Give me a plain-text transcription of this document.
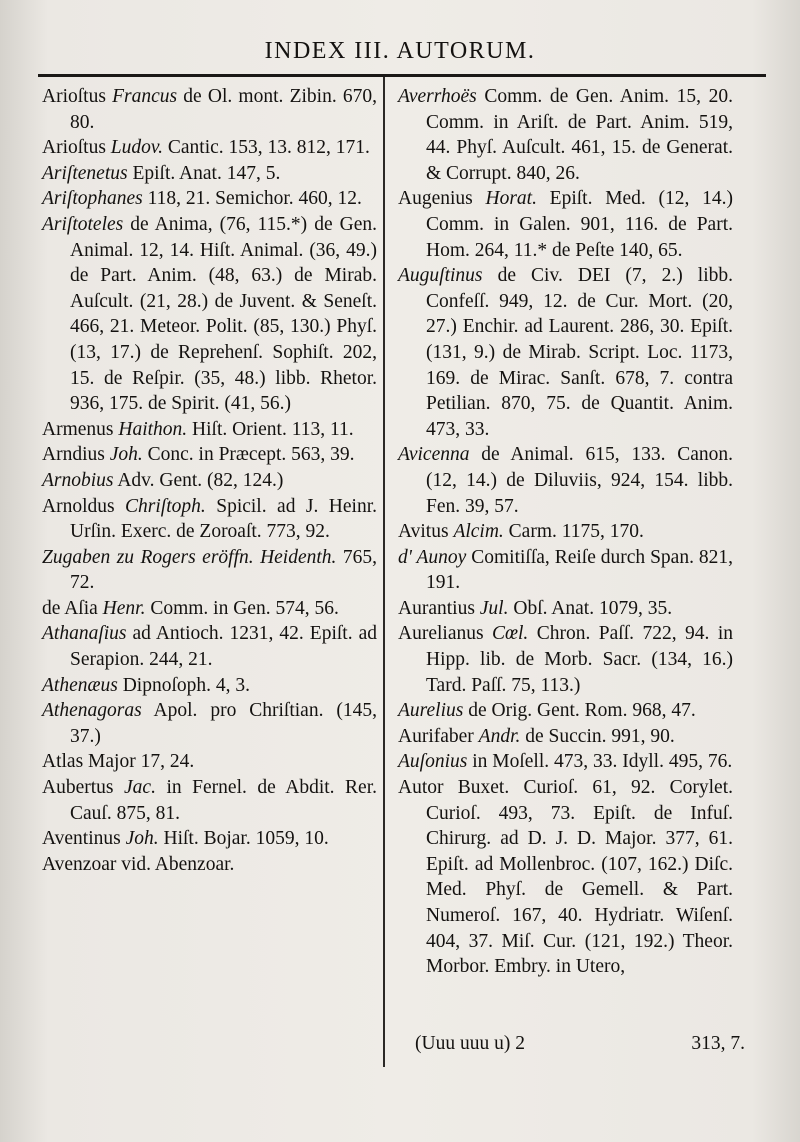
INDEX III. AUTORUM.

Arioſtus Francus de Ol. mont. Zibin. 670, 80.

Arioſtus Ludov. Cantic. 153, 13. 812, 171.

Ariſtenetus Epiſt. Anat. 147, 5.

Ariſtophanes 118, 21. Semichor. 460, 12.

Ariſtoteles de Anima, (76, 115.*) de Gen. Animal. 12, 14. Hiſt. Animal. (36, 49.) de Part. Anim. (48, 63.) de Mirab. Auſcult. (21, 28.) de Juvent. & Seneſt. 466, 21. Meteor. Polit. (85, 130.) Phyſ. (13, 17.) de Reprehenſ. Sophiſt. 202, 15. de Reſpir. (35, 48.) libb. Rhetor. 936, 175. de Spirit. (41, 56.)

Armenus Haithon. Hiſt. Orient. 113, 11.

Arndius Joh. Conc. in Præcept. 563, 39.

Arnobius Adv. Gent. (82, 124.)

Arnoldus Chriſtoph. Spicil. ad J. Heinr. Urſin. Exerc. de Zoroaſt. 773, 92.

Zugaben zu Rogers eröffn. Heidenth. 765, 72.

de Aſia Henr. Comm. in Gen. 574, 56.

Athanaſius ad Antioch. 1231, 42. Epiſt. ad Serapion. 244, 21.

Athenæus Dipnoſoph. 4, 3.

Athenagoras Apol. pro Chriſtian. (145, 37.)

Atlas Major 17, 24.

Aubertus Jac. in Fernel. de Abdit. Rer. Cauſ. 875, 81.

Aventinus Joh. Hiſt. Bojar. 1059, 10.

Avenzoar vid. Abenzoar.

Averrhoës Comm. de Gen. Anim. 15, 20. Comm. in Ariſt. de Part. Anim. 519, 44. Phyſ. Auſcult. 461, 15. de Generat. & Corrupt. 840, 26.

Augenius Horat. Epiſt. Med. (12, 14.) Comm. in Galen. 901, 116. de Part. Hom. 264, 11.* de Peſte 140, 65.

Auguſtinus de Civ. DEI (7, 2.) libb. Confeſſ. 949, 12. de Cur. Mort. (20, 27.) Enchir. ad Laurent. 286, 30. Epiſt. (131, 9.) de Mirab. Script. Loc. 1173, 169. de Mirac. Sanſt. 678, 7. contra Petilian. 870, 75. de Quantit. Anim. 473, 33.

Avicenna de Animal. 615, 133. Canon. (12, 14.) de Diluviis, 924, 154. libb. Fen. 39, 57.

Avitus Alcim. Carm. 1175, 170.

d' Aunoy Comitiſſa, Reiſe durch Span. 821, 191.

Aurantius Jul. Obſ. Anat. 1079, 35.

Aurelianus Cœl. Chron. Paſſ. 722, 94. in Hipp. lib. de Morb. Sacr. (134, 16.) Tard. Paſſ. 75, 113.)

Aurelius de Orig. Gent. Rom. 968, 47.

Aurifaber Andr. de Succin. 991, 90.

Auſonius in Moſell. 473, 33. Idyll. 495, 76.

Autor Buxet. Curioſ. 61, 92. Corylet. Curioſ. 493, 73. Epiſt. de Infuſ. Chirurg. ad D. J. D. Major. 377, 61. Epiſt. ad Mollenbroc. (107, 162.) Diſc. Med. Phyſ. de Gemell. & Part. Numeroſ. 167, 40. Hydriatr. Wiſenſ. 404, 37. Miſ. Cur. (121, 192.) Theor. Morbor. Embry. in Utero,

(Uuu uuu u) 2	313, 7.
